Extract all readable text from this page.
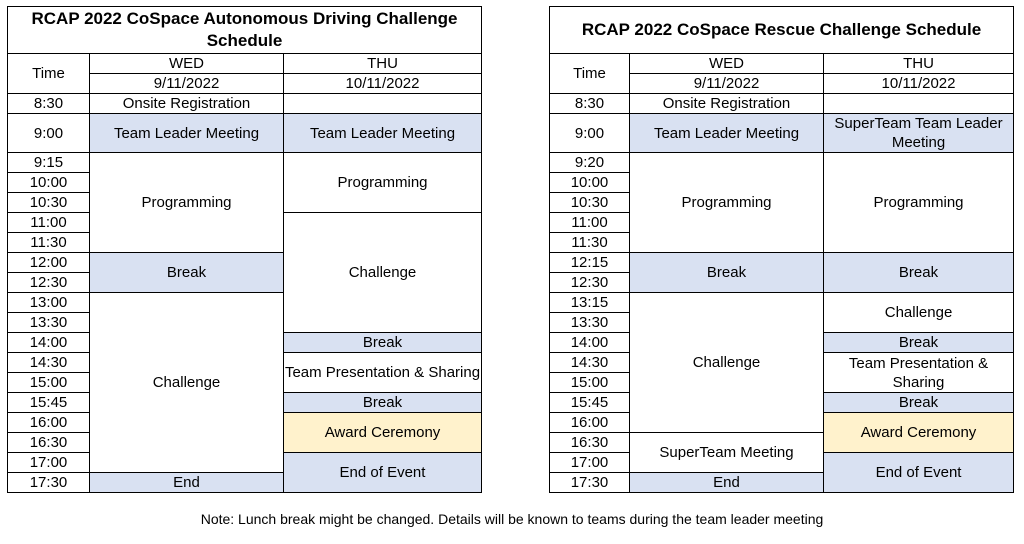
RCAP 2022 CoSpace Autonomous Driving Challenge Schedule		
Time	WED	THU
	9/11/2022	10/11/2022
8:30	Onsite Registration	
9:00	Team Leader Meeting	Team Leader Meeting
9:15	Programming	Programming
10:00		
10:30		
11:00		Challenge
11:30		
12:00	Break	
12:30		
13:00	Challenge	
13:30		
14:00		Break
14:30		Team Presentation & Sharing
15:00		
15:45		Break
16:00		Award Ceremony
16:30		
17:00		End of Event
17:30	End	
RCAP 2022 CoSpace Rescue Challenge Schedule		
Time	WED	THU
	9/11/2022	10/11/2022
8:30	Onsite Registration	
9:00	Team Leader Meeting	SuperTeam Team Leader Meeting
9:20	Programming	Programming
10:00		
10:30		
11:00		
11:30		
12:15	Break	Break
12:30		
13:15	Challenge	Challenge
13:30		
14:00		Break
14:30		Team Presentation & Sharing
15:00		
15:45		Break
16:00		Award Ceremony
16:30	SuperTeam Meeting	
17:00		End of Event
17:30	End	
Note: Lunch break might be changed. Details will be known to teams during the team leader meeting
